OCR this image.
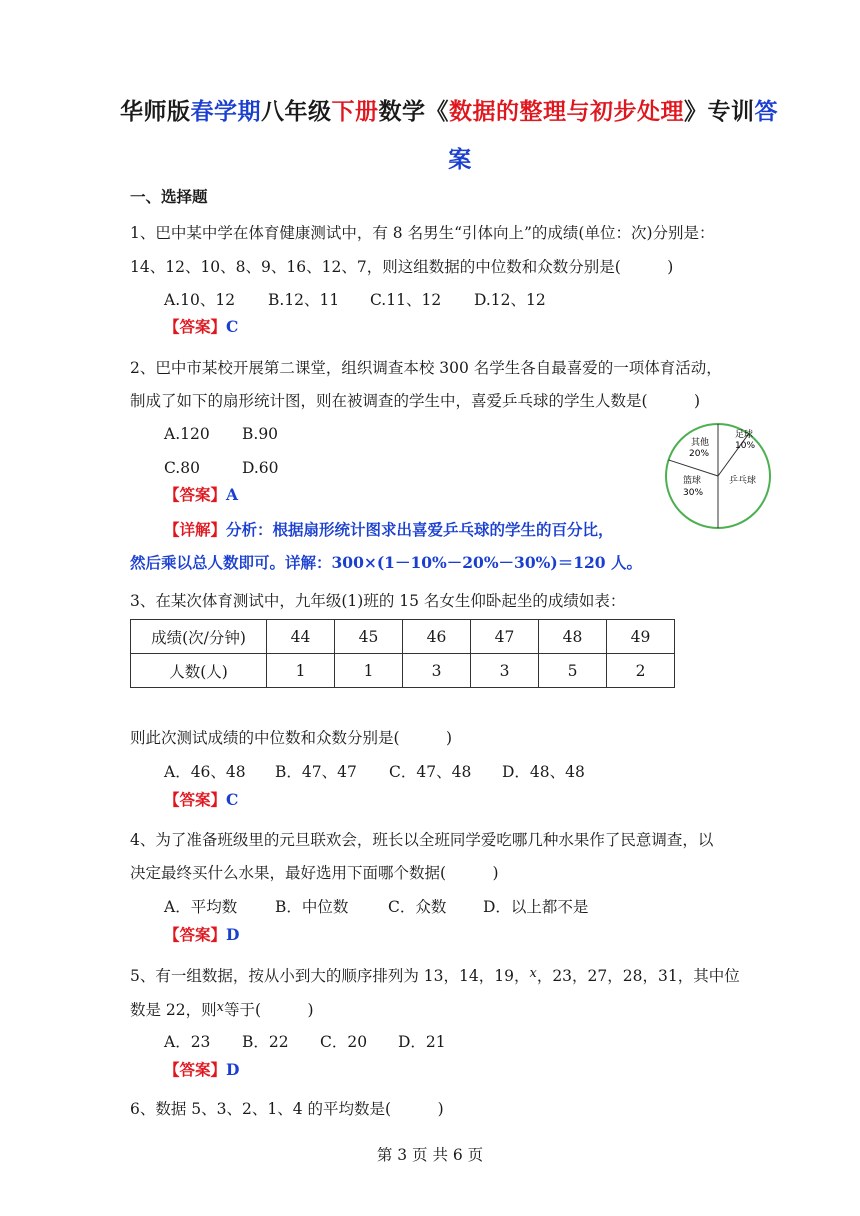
华师版春学期八年级下册数学《数据的整理与初步处理》专训答
案
一、选择题
1、巴中某中学在体育健康测试中，有 8 名男生“引体向上”的成绩(单位：次)分别是：
14、12、10、8、9、16、12、7，则这组数据的中位数和众数分别是(　　　)
A.10、12 B.12、11 C.11、12 D.12、12
【答案】C
2、巴中市某校开展第二课堂，组织调查本校 300 名学生各自最喜爱的一项体育活动，
制成了如下的扇形统计图，则在被调查的学生中，喜爱乒乓球的学生人数是(　　　)
A.120 B.90
C.80	D.60
【答案】A
【详解】分析：根据扇形统计图求出喜爱乒乓球的学生的百分比，
然后乘以总人数即可。详解：300×(1－10%－20%－30%)＝120 人。
足球
10%
乒乓球
篮球
30%
其他
20%
3、在某次体育测试中，九年级(1)班的 15 名女生仰卧起坐的成绩如表：
成绩(次/分钟)	44	45	46	47	48	49
人数(人)	1	1	3	3	5	2
则此次测试成绩的中位数和众数分别是(　　　)
A．46、48 B．47、47 C．47、48 D．48、48
【答案】C
4、为了准备班级里的元旦联欢会，班长以全班同学爱吃哪几种水果作了民意调查，以
决定最终买什么水果，最好选用下面哪个数据(　　　)
A．平均数 B．中位数	C．众数 D．以上都不是
【答案】D
5、有一组数据，按从小到大的顺序排列为 13，14，19，$^x$，23，27，28，31，其中位
数是 22，则$^x$等于(　　　)
A．23 B．22 C．20 D．21
【答案】D
6、数据 5、3、2、1、4 的平均数是(　　　)
第 3 页 共 6 页
